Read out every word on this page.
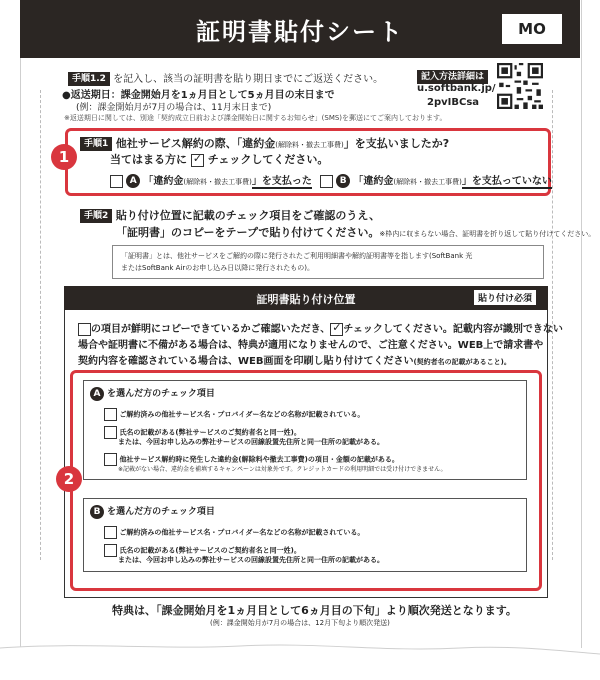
証明書貼付シート	MO
手順1.2 を記入し、該当の証明書を貼り期日までにご返送ください。
●返送期日：課金開始月を1ヵ月目として5ヵ月目の末日まで
(例：課金開始月が7月の場合は、11月末日まで)
※返送期日に関しては、別途「契約成立日前および課金開始日に関するお知らせ」(SMS)を郵送にてご案内しております。
記入方法詳細は
u.softbank.jp/
2pvIBCsa
1
手順1 他社サービス解約の際、「違約金(解除料・撤去工事費)」を支払いましたか?
当てはまる方に ✓ チェックしてください。
A 「違約金(解除料・撤去工事費)」を支払った	B 「違約金(解除料・撤去工事費)」を支払っていない
手順2 貼り付け位置に記載のチェック項目をご確認のうえ、
「証明書」のコピーをテープで貼り付けてください。※枠内に収まらない場合、証明書を折り返して貼り付けてください。
「証明書」とは、他社サービスをご解約の際に発行されたご利用明細書や解約証明書等を指します(SoftBank 光
またはSoftBank Airのお申し込み日以降に発行されたもの)。
証明書貼り付け位置	貼り付け必須
の項目が鮮明にコピーできているかご確認いただき、 ✓ チェックしてください。記載内容が識別できない
場合や証明書に不備がある場合は、特典が適用になりませんので、ご注意ください。WEB上で請求書や
契約内容を確認されている場合は、WEB画面を印刷し貼り付けてください(契約者名の記載があること)。
2
A を選んだ方のチェック項目
ご解約済みの他社サービス名・プロバイダー名などの名称が記載されている。
氏名の記載がある(弊社サービスのご契約者名と同一姓)。
または、今回お申し込みの弊社サービスの回線設置先住所と同一住所の記載がある。
他社サービス解約時に発生した違約金(解除料や撤去工事費)の項目・金額の記載がある。
※記載がない場合、違約金を補填するキャンペーンは対象外です。クレジットカードの利用明細では受け付けできません。
B を選んだ方のチェック項目
ご解約済みの他社サービス名・プロバイダー名などの名称が記載されている。
氏名の記載がある(弊社サービスのご契約者名と同一姓)。
または、今回お申し込みの弊社サービスの回線設置先住所と同一住所の記載がある。
特典は、「課金開始月を1ヵ月目として6ヵ月目の下旬」より順次発送となります。
(例：課金開始月が7月の場合は、12月下旬より順次発送)
